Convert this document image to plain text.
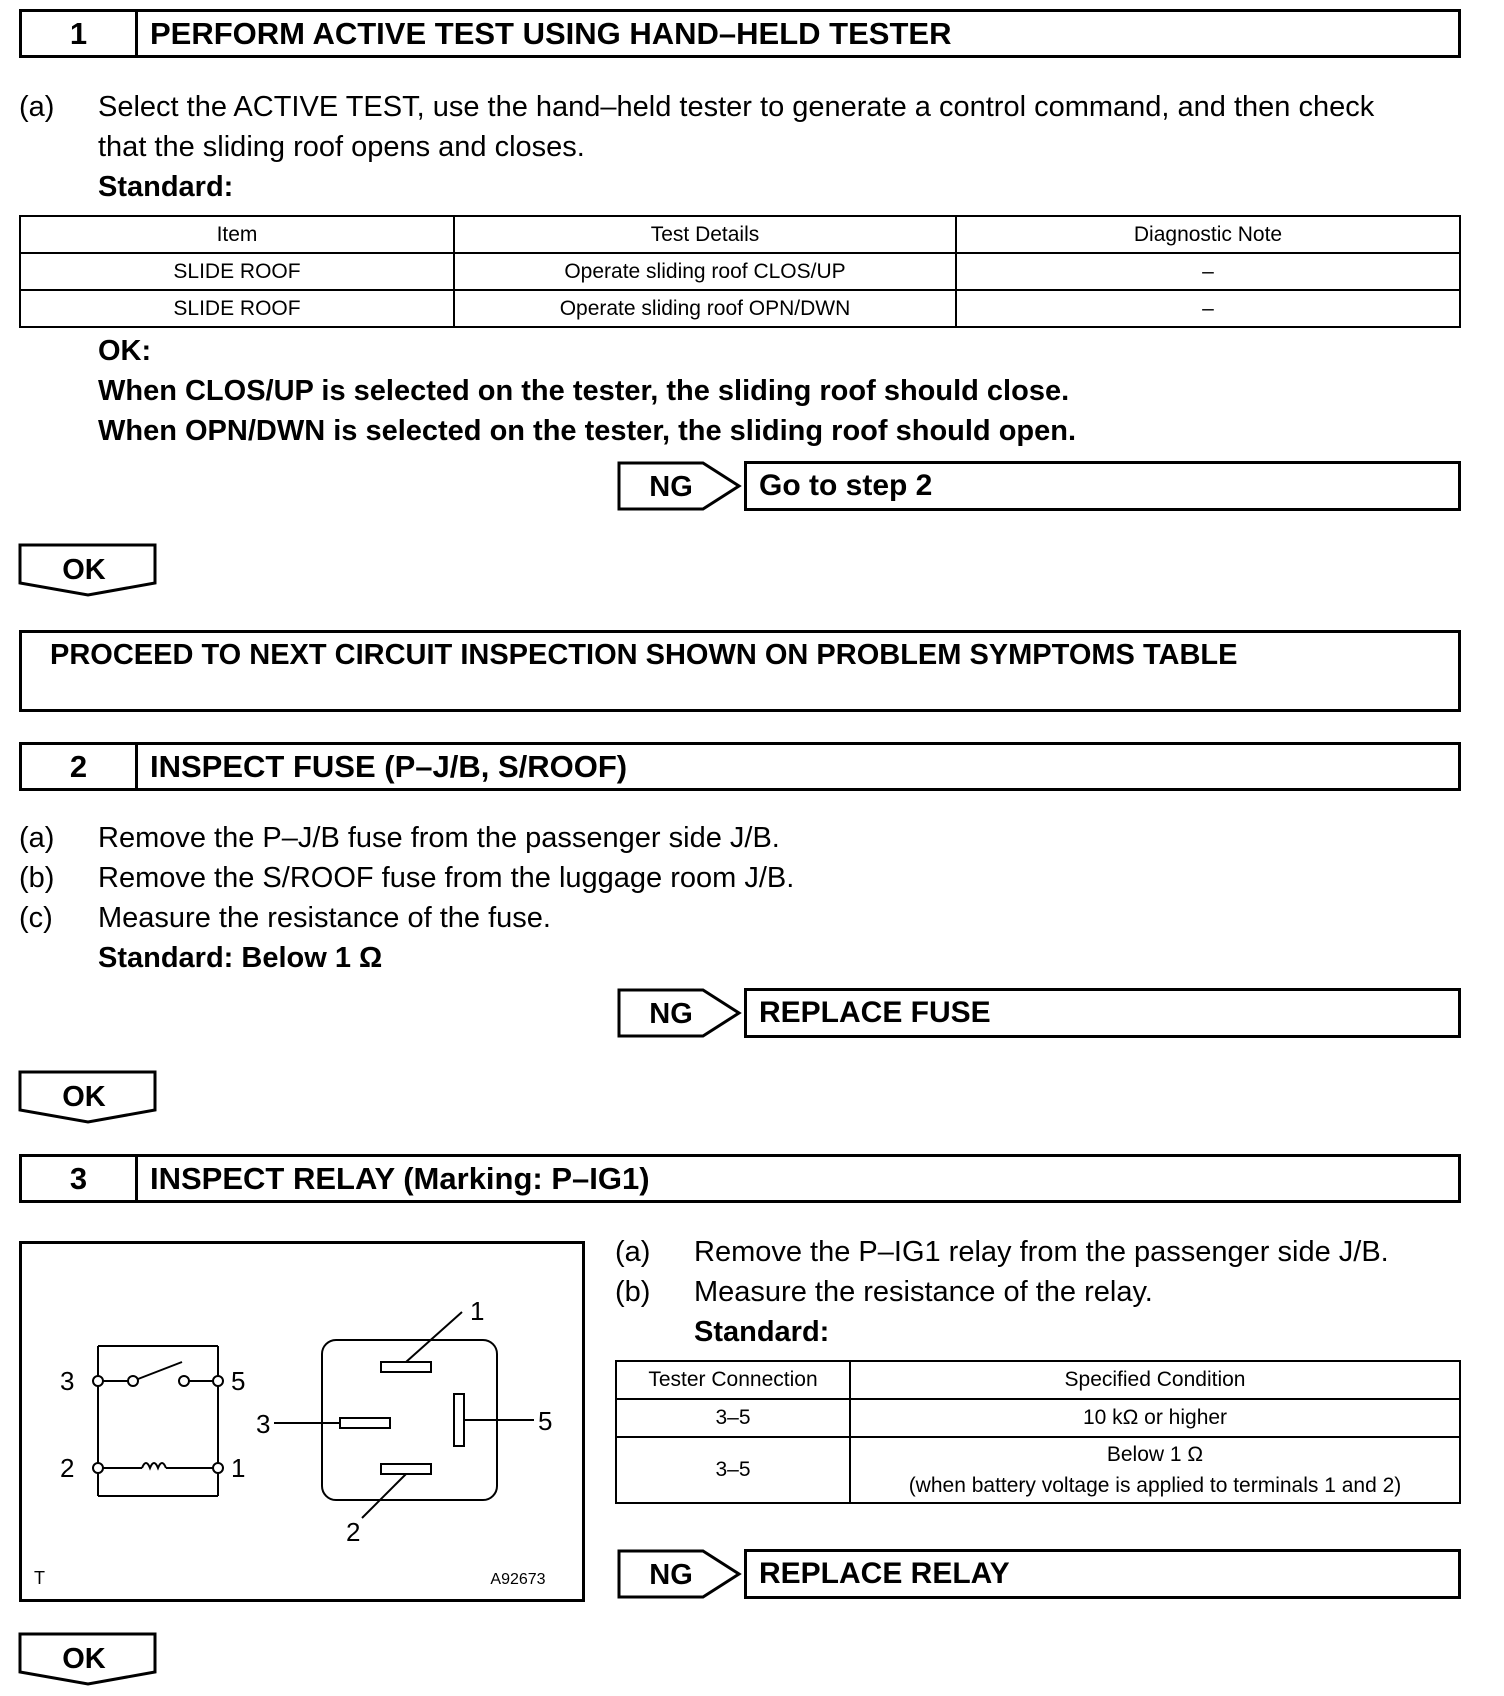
1	PERFORM ACTIVE TEST USING HAND–HELD TESTER
(a) Select the ACTIVE TEST, use the hand–held tester to generate a control command, and then check
that the sliding roof opens and closes.
Standard:
Item	Test Details	Diagnostic Note
SLIDE ROOF	Operate sliding roof CLOS/UP	–
SLIDE ROOF	Operate sliding roof OPN/DWN	–
OK:
When CLOS/UP is selected on the tester, the sliding roof should close.
When OPN/DWN is selected on the tester, the sliding roof should open.
NG	Go to step 2
OK
PROCEED TO NEXT CIRCUIT INSPECTION SHOWN ON PROBLEM SYMPTOMS TABLE
2	INSPECT FUSE (P–J/B, S/ROOF)
(a) Remove the P–J/B fuse from the passenger side J/B.
(b) Remove the S/ROOF fuse from the luggage room J/B.
(c) Measure the resistance of the fuse.
Standard: Below 1 Ω
NG	REPLACE FUSE
OK
3	INSPECT RELAY (Marking: P–IG1)
3	5
2	1
1
3	5
2
T	A92673
(a) Remove the P–IG1 relay from the passenger side J/B.
(b) Measure the resistance of the relay.
Standard:
Tester Connection	Specified Condition
3–5	10 kΩ or higher
3–5	Below 1 Ω
(when battery voltage is applied to terminals 1 and 2)
NG	REPLACE RELAY
OK
